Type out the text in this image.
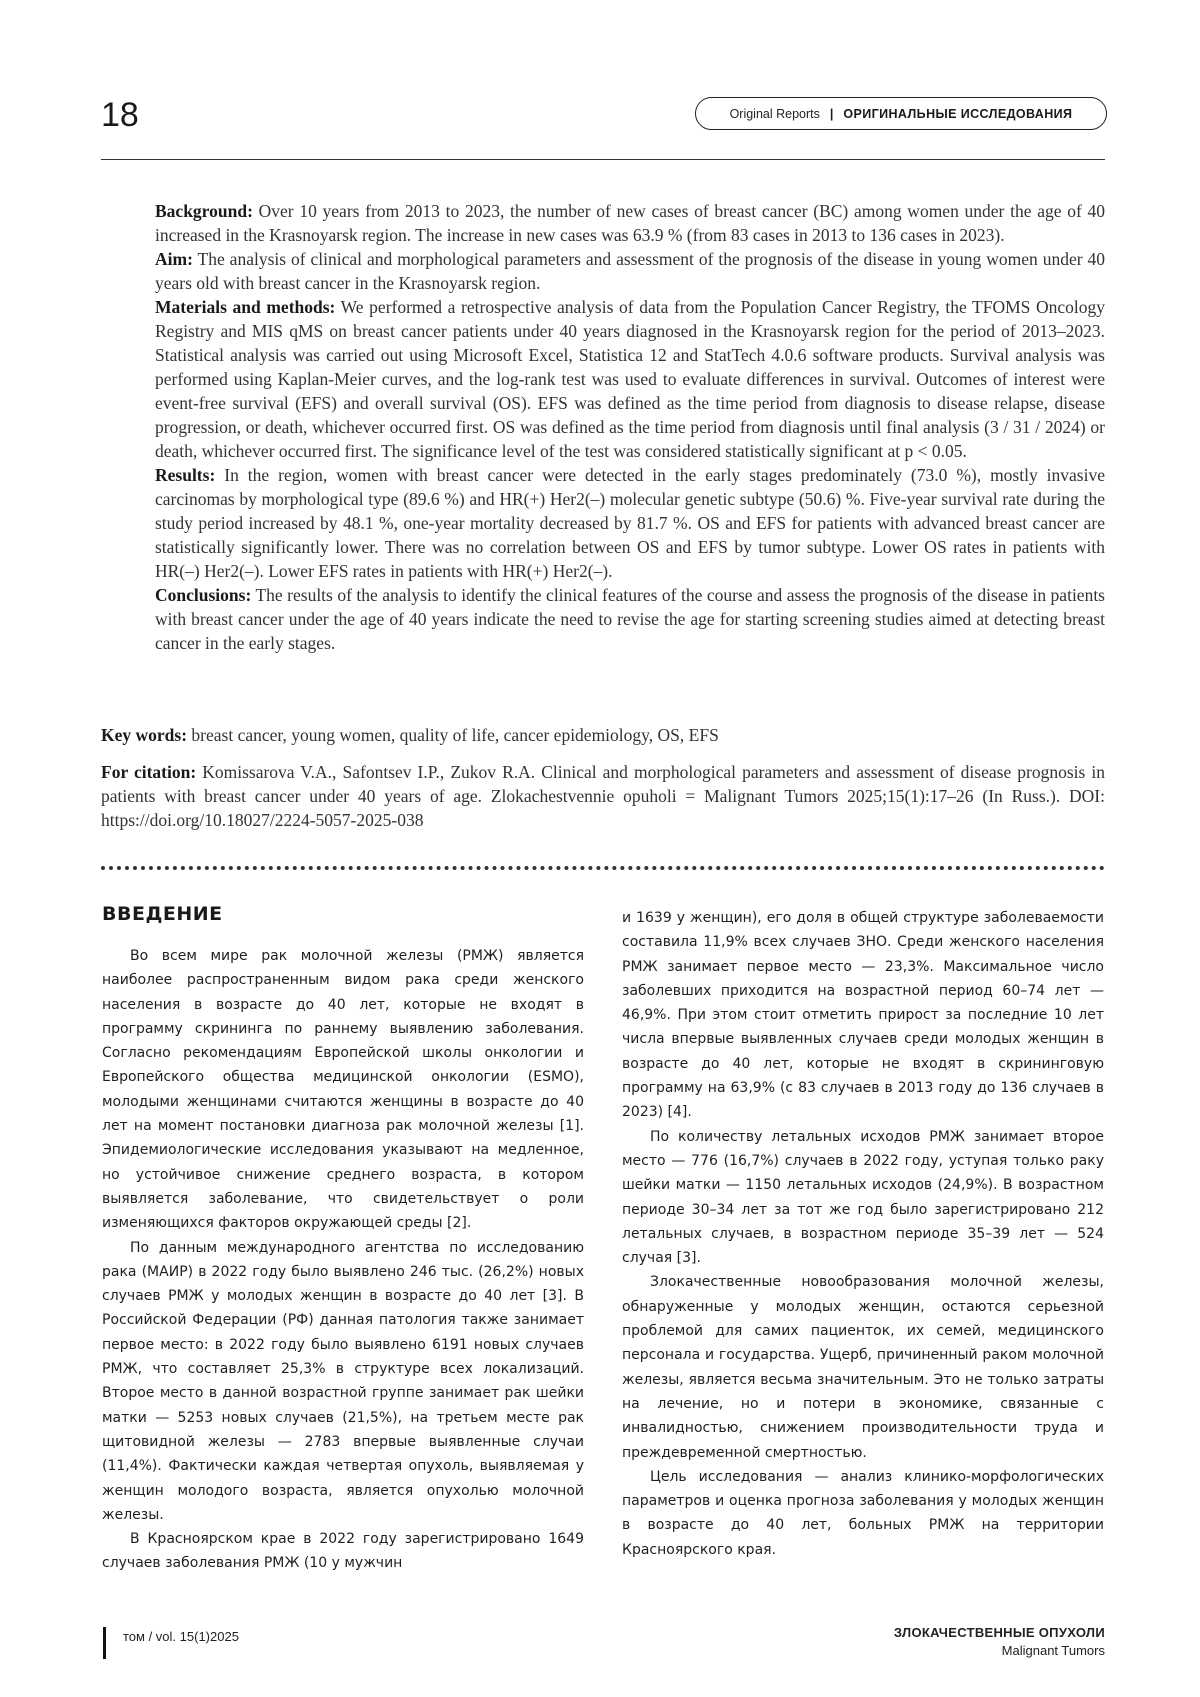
18	Original Reports | ОРИГИНАЛЬНЫЕ ИССЛЕДОВАНИЯ

Background: Over 10 years from 2013 to 2023, the number of new cases of breast cancer (BC) among women under the age of 40 increased in the Krasnoyarsk region. The increase in new cases was 63.9 % (from 83 cases in 2013 to 136 cases in 2023).

Aim: The analysis of clinical and morphological parameters and assessment of the prognosis of the disease in young women under 40 years old with breast cancer in the Krasnoyarsk region.

Materials and methods: We performed a retrospective analysis of data from the Population Cancer Registry, the TFOMS Oncology Registry and MIS qMS on breast cancer patients under 40 years diagnosed in the Krasnoyarsk region for the period of 2013–2023. Statistical analysis was carried out using Microsoft Excel, Statistica 12 and StatTech 4.0.6 software products. Survival analysis was performed using Kaplan-Meier curves, and the log-rank test was used to evaluate differences in survival. Outcomes of interest were event-free survival (EFS) and overall survival (OS). EFS was defined as the time period from diagnosis to disease relapse, disease progression, or death, whichever occurred first. OS was defined as the time period from diagnosis until final analysis (3 / 31 / 2024) or death, whichever occurred first. The significance level of the test was considered statistically significant at p < 0.05.

Results: In the region, women with breast cancer were detected in the early stages predominately (73.0 %), mostly invasive carcinomas by morphological type (89.6 %) and HR(+) Her2(–) molecular genetic subtype (50.6) %. Five-year survival rate during the study period increased by 48.1 %, one-year mortality decreased by 81.7 %. OS and EFS for patients with advanced breast cancer are statistically significantly lower. There was no correlation between OS and EFS by tumor subtype. Lower OS rates in patients with HR(–) Her2(–). Lower EFS rates in patients with HR(+) Her2(–).

Conclusions: The results of the analysis to identify the clinical features of the course and assess the prognosis of the disease in patients with breast cancer under the age of 40 years indicate the need to revise the age for starting screening studies aimed at detecting breast cancer in the early stages.

Key words: breast cancer, young women, quality of life, cancer epidemiology, OS, EFS

For citation: Komissarova V.A., Safontsev I.P., Zukov R.A. Clinical and morphological parameters and assessment of disease prognosis in patients with breast cancer under 40 years of age. Zlokachestvennie opuholi = Malignant Tumors 2025;15(1):17–26 (In Russ.). DOI: https://doi.org/10.18027/2224-5057-2025-038

ВВЕДЕНИЕ

Во всем мире рак молочной железы (РМЖ) является наиболее распространенным видом рака среди женского населения в возрасте до 40 лет, которые не входят в программу скрининга по раннему выявлению заболевания. Согласно рекомендациям Европейской школы онкологии и Европейского общества медицинской онкологии (ESMO), молодыми женщинами считаются женщины в возрасте до 40 лет на момент постановки диагноза рак молочной железы [1]. Эпидемиологические исследования указывают на медленное, но устойчивое снижение среднего возраста, в котором выявляется заболевание, что свидетельствует о роли изменяющихся факторов окружающей среды [2].

По данным международного агентства по исследованию рака (МАИР) в 2022 году было выявлено 246 тыс. (26,2%) новых случаев РМЖ у молодых женщин в возрасте до 40 лет [3]. В Российской Федерации (РФ) данная патология также занимает первое место: в 2022 году было выявлено 6191 новых случаев РМЖ, что составляет 25,3% в структуре всех локализаций. Второе место в данной возрастной группе занимает рак шейки матки — 5253 новых случаев (21,5%), на третьем месте рак щитовидной железы — 2783 впервые выявленные случаи (11,4%). Фактически каждая четвертая опухоль, выявляемая у женщин молодого возраста, является опухолью молочной железы.

В Красноярском крае в 2022 году зарегистрировано 1649 случаев заболевания РМЖ (10 у мужчин

и 1639 у женщин), его доля в общей структуре заболеваемости составила 11,9% всех случаев ЗНО. Среди женского населения РМЖ занимает первое место — 23,3%. Максимальное число заболевших приходится на возрастной период 60–74 лет — 46,9%. При этом стоит отметить прирост за последние 10 лет числа впервые выявленных случаев среди молодых женщин в возрасте до 40 лет, которые не входят в скрининговую программу на 63,9% (с 83 случаев в 2013 году до 136 случаев в 2023) [4].

По количеству летальных исходов РМЖ занимает второе место — 776 (16,7%) случаев в 2022 году, уступая только раку шейки матки — 1150 летальных исходов (24,9%). В возрастном периоде 30–34 лет за тот же год было зарегистрировано 212 летальных случаев, в возрастном периоде 35–39 лет — 524 случая [3].

Злокачественные новообразования молочной железы, обнаруженные у молодых женщин, остаются серьезной проблемой для самих пациенток, их семей, медицинского персонала и государства. Ущерб, причиненный раком молочной железы, является весьма значительным. Это не только затраты на лечение, но и потери в экономике, связанные с инвалидностью, снижением производительности труда и преждевременной смертностью.

Цель исследования — анализ клинико-морфологических параметров и оценка прогноза заболевания у молодых женщин в возрасте до 40 лет, больных РМЖ на территории Красноярского края.

том / vol. 15(1)2025	ЗЛОКАЧЕСТВЕННЫЕ ОПУХОЛИ
Malignant Tumors
